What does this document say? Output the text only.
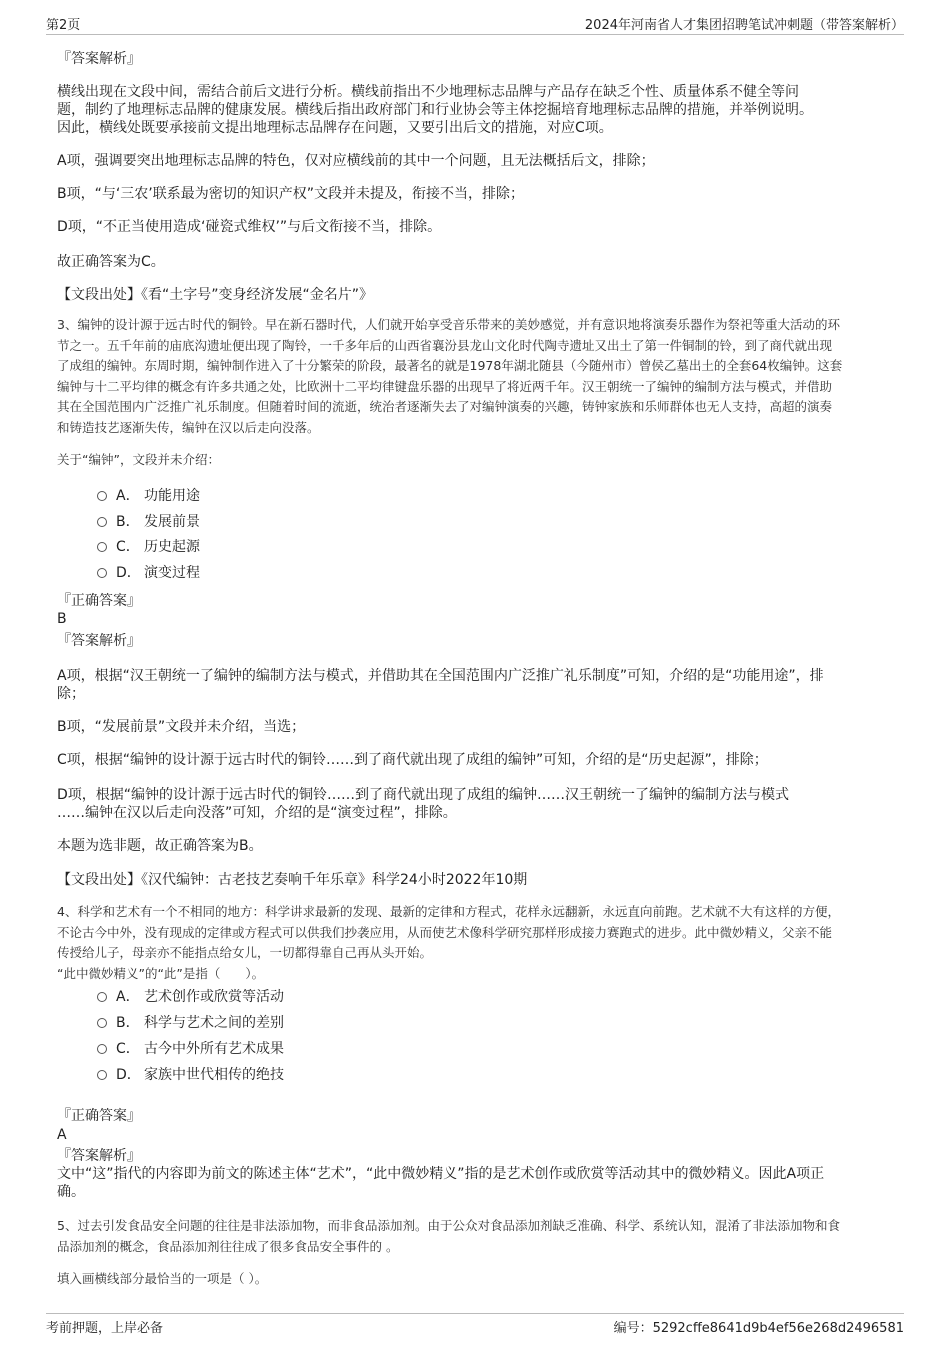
第2页	2024年河南省人才集团招聘笔试冲刺题（带答案解析）
『答案解析』
横线出现在文段中间，需结合前后文进行分析。横线前指出不少地理标志品牌与产品存在缺乏个性、质量体系不健全等问
题，制约了地理标志品牌的健康发展。横线后指出政府部门和行业协会等主体挖掘培育地理标志品牌的措施，并举例说明。
因此，横线处既要承接前文提出地理标志品牌存在问题，又要引出后文的措施，对应C项。
A项，强调要突出地理标志品牌的特色，仅对应横线前的其中一个问题，且无法概括后文，排除；
B项，“与‘三农’联系最为密切的知识产权”文段并未提及，衔接不当，排除；
D项，“不正当使用造成‘碰瓷式维权’”与后文衔接不当，排除。
故正确答案为C。
【文段出处】《看“土字号”变身经济发展“金名片”》
3、编钟的设计源于远古时代的铜铃。早在新石器时代，人们就开始享受音乐带来的美妙感觉，并有意识地将演奏乐器作为祭祀等重大活动的环
节之一。五千年前的庙底沟遗址便出现了陶铃，一千多年后的山西省襄汾县龙山文化时代陶寺遗址又出土了第一件铜制的铃，到了商代就出现
了成组的编钟。东周时期，编钟制作进入了十分繁荣的阶段，最著名的就是1978年湖北随县（今随州市）曾侯乙墓出土的全套64枚编钟。这套
编钟与十二平均律的概念有许多共通之处，比欧洲十二平均律键盘乐器的出现早了将近两千年。汉王朝统一了编钟的编制方法与模式，并借助
其在全国范围内广泛推广礼乐制度。但随着时间的流逝，统治者逐渐失去了对编钟演奏的兴趣，铸钟家族和乐师群体也无人支持，高超的演奏
和铸造技艺逐渐失传，编钟在汉以后走向没落。
关于“编钟”，文段并未介绍：
A． 功能用途
B． 发展前景
C． 历史起源
D． 演变过程
『正确答案』
B
『答案解析』
A项，根据“汉王朝统一了编钟的编制方法与模式，并借助其在全国范围内广泛推广礼乐制度”可知，介绍的是“功能用途”，排
除；
B项，“发展前景”文段并未介绍，当选；
C项，根据“编钟的设计源于远古时代的铜铃……到了商代就出现了成组的编钟”可知，介绍的是“历史起源”，排除；
D项，根据“编钟的设计源于远古时代的铜铃……到了商代就出现了成组的编钟……汉王朝统一了编钟的编制方法与模式
……编钟在汉以后走向没落”可知，介绍的是“演变过程”，排除。
本题为选非题，故正确答案为B。
【文段出处】《汉代编钟：古老技艺奏响千年乐章》科学24小时2022年10期
4、科学和艺术有一个不相同的地方：科学讲求最新的发现、最新的定律和方程式，花样永远翻新，永远直向前跑。艺术就不大有这样的方便，
不论古今中外，没有现成的定律或方程式可以供我们抄袭应用，从而使艺术像科学研究那样形成接力赛跑式的进步。此中微妙精义，父亲不能
传授给儿子，母亲亦不能指点给女儿，一切都得靠自己再从头开始。
“此中微妙精义”的“此”是指（　　）。
A． 艺术创作或欣赏等活动
B． 科学与艺术之间的差别
C． 古今中外所有艺术成果
D． 家族中世代相传的绝技
『正确答案』
A
『答案解析』
文中“这”指代的内容即为前文的陈述主体“艺术”，“此中微妙精义”指的是艺术创作或欣赏等活动其中的微妙精义。因此A项正
确。
5、过去引发食品安全问题的往往是非法添加物，而非食品添加剂。由于公众对食品添加剂缺乏准确、科学、系统认知，混淆了非法添加物和食
品添加剂的概念，食品添加剂往往成了很多食品安全事件的 。
填入画横线部分最恰当的一项是（ ）。
考前押题，上岸必备	编号：5292cffe8641d9b4ef56e268d2496581
